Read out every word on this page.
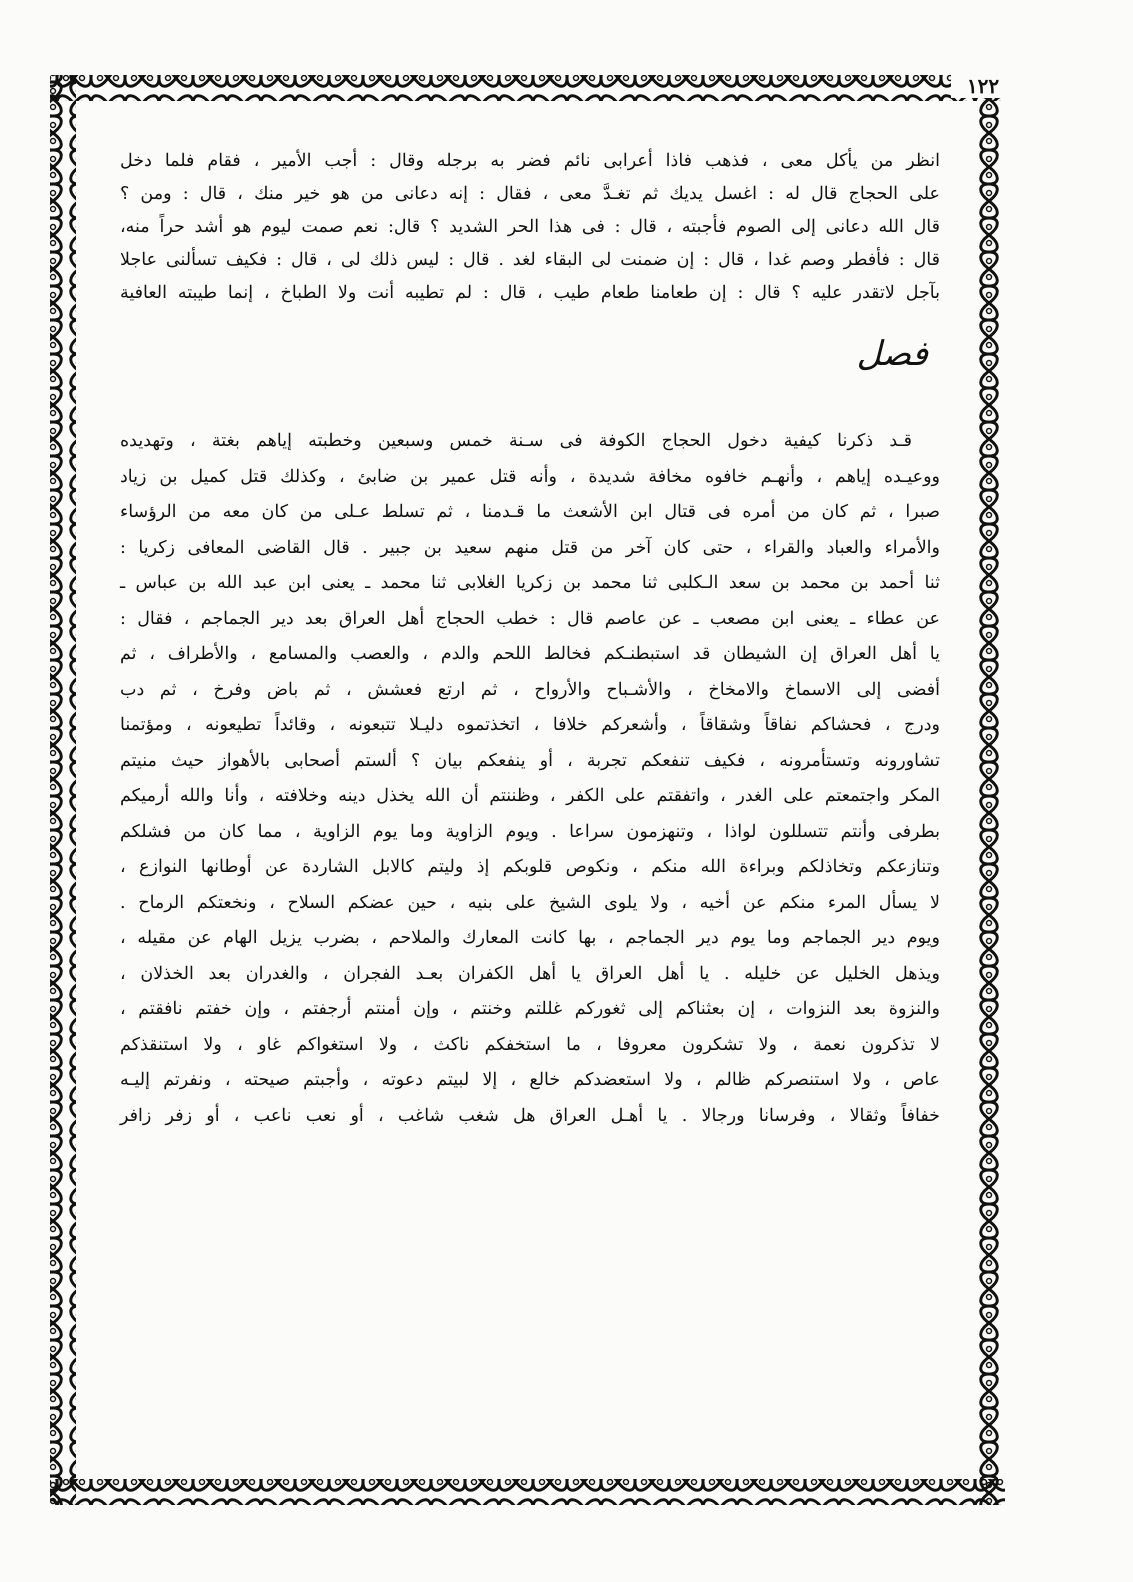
١٢٢

انظر من يأكل معى ، فذهب فاذا أعرابى نائم فضر به برجله وقال : أجب الأمير ، فقام فلما دخل

على الحجاج قال له : اغسل يديك ثم تغـدَّ معى ، فقال : إنه دعانى من هو خير منك ، قال : ومن ؟

قال الله دعانى إلى الصوم فأجبته ، قال : فى هذا الحر الشديد ؟ قال: نعم صمت ليوم هو أشد حراً منه،

قال : فأفطر وصم غدا ، قال : إن ضمنت لى البقاء لغد . قال : ليس ذلك لى ، قال : فكيف تسألنى عاجلا

بآجل لاتقدر عليه ؟ قال : إن طعامنا طعام طيب ، قال : لم تطيبه أنت ولا الطباخ ، إنما طيبته العافية

فصل

قـد ذكرنا كيفية دخول الحجاج الكوفة فى سـنة خمس وسبعين وخطبته إياهم بغتة ، وتهديده

ووعيـده إياهم ، وأنهـم خافوه مخافة شديدة ، وأنه قتل عمير بن ضابئ ، وكذلك قتل كميل بن زياد

صبرا ، ثم كان من أمره فى قتال ابن الأشعث ما قـدمنا ، ثم تسلط عـلى من كان معه من الرؤساء

والأمراء والعباد والقراء ، حتى كان آخر من قتل منهم سعيد بن جبير . قال القاضى المعافى زكريا :

ثنا أحمد بن محمد بن سعد الـكلبى ثنا محمد بن زكريا الغلابى ثنا محمد ـ يعنى ابن عبد الله بن عباس ـ

عن عطاء ـ يعنى ابن مصعب ـ عن عاصم قال : خطب الحجاج أهل العراق بعد دير الجماجم ، فقال :

يا أهل العراق إن الشيطان قد استبطنـكم فخالط اللحم والدم ، والعصب والمسامع ، والأطراف ، ثم

أفضى إلى الاسماخ والامخاخ ، والأشـباح والأرواح ، ثم ارتع فعشش ، ثم باض وفرخ ، ثم دب

ودرج ، فحشاكم نفاقاً وشقاقاً ، وأشعركم خلافا ، اتخذتموه دليـلا تتبعونه ، وقائداً تطيعونه ، ومؤتمنا

تشاورونه وتستأمرونه ، فكيف تنفعكم تجربة ، أو ينفعكم بيان ؟ ألستم أصحابى بالأهواز حيث منيتم

المكر واجتمعتم على الغدر ، واتفقتم على الكفر ، وظننتم أن الله يخذل دينه وخلافته ، وأنا والله أرميكم

بطرفى وأنتم تتسللون لواذا ، وتنهزمون سراعا . ويوم الزاوية وما يوم الزاوية ، مما كان من فشلكم

وتنازعكم وتخاذلكم وبراءة الله منكم ، ونكوص قلوبكم إذ وليتم كالابل الشاردة عن أوطانها النوازع ،

لا يسأل المرء منكم عن أخيه ، ولا يلوى الشيخ على بنيه ، حين عضكم السلاح ، ونخعتكم الرماح .

ويوم دير الجماجم وما يوم دير الجماجم ، بها كانت المعارك والملاحم ، بضرب يزيل الهام عن مقيله ،

ويذهل الخليل عن خليله . يا أهل العراق يا أهل الكفران بعـد الفجران ، والغدران بعد الخذلان ،

والنزوة بعد النزوات ، إن بعثناكم إلى ثغوركم غللتم وخنتم ، وإن أمنتم أرجفتم ، وإن خفتم نافقتم ،

لا تذكرون نعمة ، ولا تشكرون معروفا ، ما استخفكم ناكث ، ولا استغواكم غاو ، ولا استنقذكم

عاص ، ولا استنصركم ظالم ، ولا استعضدكم خالع ، إلا لبيتم دعوته ، وأجبتم صيحته ، ونفرتم إليـه

خفافاً وثقالا ، وفرسانا ورجالا . يا أهـل العراق هل شغب شاغب ، أو نعب ناعب ، أو زفر زافر
